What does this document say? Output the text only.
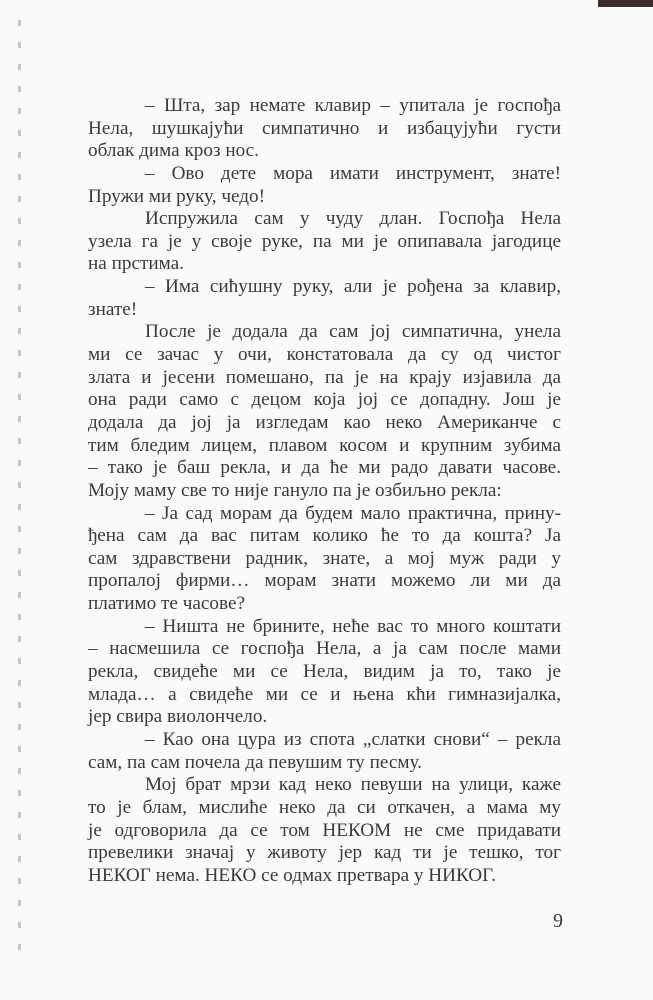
– Шта, зар немате клавир – упитала је госпођа
Нела, шушкајући симпатично и избацујући густи
облак дима кроз нос.
– Ово дете мора имати инструмент, знате!
Пружи ми руку, чедо!
Испружила сам у чуду длан. Госпођа Нела
узела га је у своје руке, па ми је опипавала јагодице
на прстима.
– Има сићушну руку, али је рођена за клавир,
знате!
После је додала да сам јој симпатична, унела
ми се зачас у очи, констатовала да су од чистог
злата и јесени помешано, па је на крају изјавила да
она ради само с децом која јој се допадну. Још је
додала да јој ја изгледам као неко Американче с
тим бледим лицем, плавом косом и крупним зубима
– тако је баш рекла, и да ће ми радо давати часове.
Моју маму све то није гануло па је озбиљно рекла:
– Ја сад морам да будем мало практична, прину-
ђена сам да вас питам колико ће то да кошта? Ја
сам здравствени радник, знате, а мој муж ради у
пропалој фирми… морам знати можемо ли ми да
платимо те часове?
– Ништа не брините, неће вас то много коштати
– насмешила се госпођа Нела, а ја сам после мами
рекла, свидеће ми се Нела, видим ја то, тако је
млада… а свидеће ми се и њена кћи гимназијалка,
јер свира виолончело.
– Као она цура из спота „слатки снови“ – рекла
сам, па сам почела да певушим ту песму.
Мој брат мрзи кад неко певуши на улици, каже
то је блам, мислиће неко да си откачен, а мама му
је одговорила да се том НЕКОМ не сме придавати
превелики значај у животу јер кад ти је тешко, тог
НЕКОГ нема. НЕКО се одмах претвара у НИКОГ.
9
